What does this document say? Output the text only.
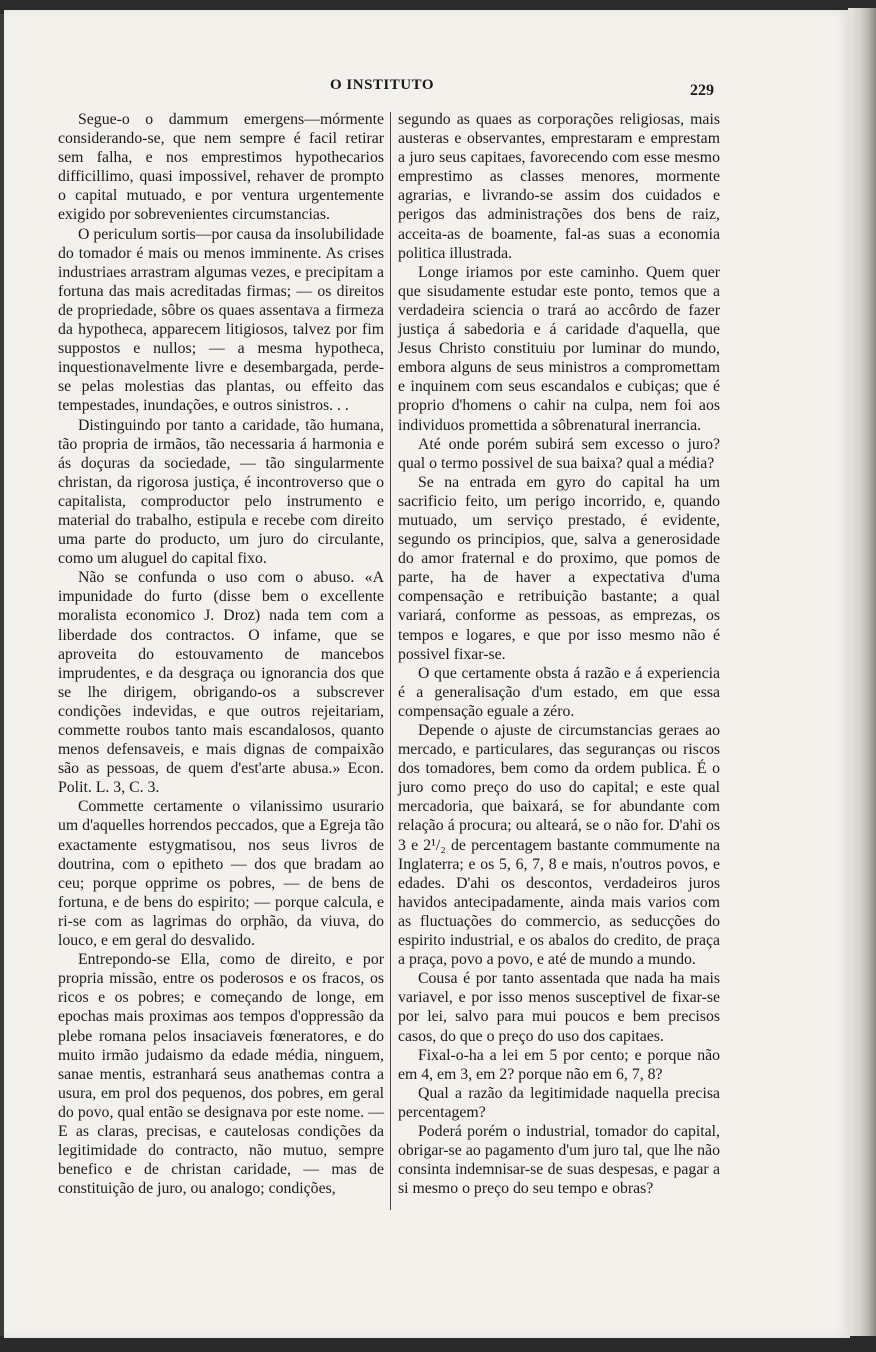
O INSTITUTO	229

Segue-o o dammum emergens—mórmente considerando-se, que nem sempre é facil retirar sem falha, e nos emprestimos hypothecarios difficillimo, quasi impossivel, rehaver de prompto o capital mutuado, e por ventura urgentemente exigido por sobrevenientes circumstancias.

O periculum sortis—por causa da insolubilidade do tomador é mais ou menos imminente. As crises industriaes arrastram algumas vezes, e precipitam a fortuna das mais acreditadas firmas; — os direitos de propriedade, sôbre os quaes assentava a firmeza da hypotheca, apparecem litigiosos, talvez por fim suppostos e nullos; — a mesma hypotheca, inquestionavelmente livre e desembargada, perde-se pelas molestias das plantas, ou effeito das tempestades, inundações, e outros sinistros. . .

Distinguindo por tanto a caridade, tão humana, tão propria de irmãos, tão necessaria á harmonia e ás doçuras da sociedade, — tão singularmente christan, da rigorosa justiça, é incontroverso que o capitalista, comproductor pelo instrumento e material do trabalho, estipula e recebe com direito uma parte do producto, um juro do circulante, como um aluguel do capital fixo.

Não se confunda o uso com o abuso. «A impunidade do furto (disse bem o excellente moralista economico J. Droz) nada tem com a liberdade dos contractos. O infame, que se aproveita do estouvamento de mancebos imprudentes, e da desgraça ou ignorancia dos que se lhe dirigem, obrigando-os a subscrever condições indevidas, e que outros rejeitariam, commette roubos tanto mais escandalosos, quanto menos defensaveis, e mais dignas de compaixão são as pessoas, de quem d'est'arte abusa.» Econ. Polit. L. 3, C. 3.

Commette certamente o vilanissimo usurario um d'aquelles horrendos peccados, que a Egreja tão exactamente estygmatisou, nos seus livros de doutrina, com o epitheto — dos que bradam ao ceu; porque opprime os pobres, — de bens de fortuna, e de bens do espirito; — porque calcula, e ri-se com as lagrimas do orphão, da viuva, do louco, e em geral do desvalido.

Entrepondo-se Ella, como de direito, e por propria missão, entre os poderosos e os fracos, os ricos e os pobres; e começando de longe, em epochas mais proximas aos tempos d'oppressão da plebe romana pelos insaciaveis fœneratores, e do muito irmão judaismo da edade média, ninguem, sanae mentis, estranhará seus anathemas contra a usura, em prol dos pequenos, dos pobres, em geral do povo, qual então se designava por este nome. — E as claras, precisas, e cautelosas condições da legitimidade do contracto, não mutuo, sempre benefico e de christan caridade, — mas de constituição de juro, ou analogo; condições,

segundo as quaes as corporações religiosas, mais austeras e observantes, emprestaram e emprestam a juro seus capitaes, favorecendo com esse mesmo emprestimo as classes menores, mormente agrarias, e livrando-se assim dos cuidados e perigos das administrações dos bens de raiz, acceita-as de boamente, fal-as suas a economia politica illustrada.

Longe iriamos por este caminho. Quem quer que sisudamente estudar este ponto, temos que a verdadeira sciencia o trará ao accôrdo de fazer justiça á sabedoria e á caridade d'aquella, que Jesus Christo constituiu por luminar do mundo, embora alguns de seus ministros a compromettam e inquinem com seus escandalos e cubiças; que é proprio d'homens o cahir na culpa, nem foi aos individuos promettida a sôbrenatural inerrancia.

Até onde porém subirá sem excesso o juro? qual o termo possivel de sua baixa? qual a média?

Se na entrada em gyro do capital ha um sacrificio feito, um perigo incorrido, e, quando mutuado, um serviço prestado, é evidente, segundo os principios, que, salva a generosidade do amor fraternal e do proximo, que pomos de parte, ha de haver a expectativa d'uma compensação e retribuição bastante; a qual variará, conforme as pessoas, as emprezas, os tempos e logares, e que por isso mesmo não é possivel fixar-se.

O que certamente obsta á razão e á experiencia é a generalisação d'um estado, em que essa compensação eguale a zéro.

Depende o ajuste de circumstancias geraes ao mercado, e particulares, das seguranças ou riscos dos tomadores, bem como da ordem publica. É o juro como preço do uso do capital; e este qual mercadoria, que baixará, se for abundante com relação á procura; ou alteará, se o não for. D'ahi os 3 e 2¹/₂ de percentagem bastante commumente na Inglaterra; e os 5, 6, 7, 8 e mais, n'outros povos, e edades. D'ahi os descontos, verdadeiros juros havidos antecipadamente, ainda mais varios com as fluctuações do commercio, as seducções do espirito industrial, e os abalos do credito, de praça a praça, povo a povo, e até de mundo a mundo.

Cousa é por tanto assentada que nada ha mais variavel, e por isso menos susceptivel de fixar-se por lei, salvo para mui poucos e bem precisos casos, do que o preço do uso dos capitaes.

Fixal-o-ha a lei em 5 por cento; e porque não em 4, em 3, em 2? porque não em 6, 7, 8?

Qual a razão da legitimidade naquella precisa percentagem?

Poderá porém o industrial, tomador do capital, obrigar-se ao pagamento d'um juro tal, que lhe não consinta indemnisar-se de suas despesas, e pagar a si mesmo o preço do seu tempo e obras?
